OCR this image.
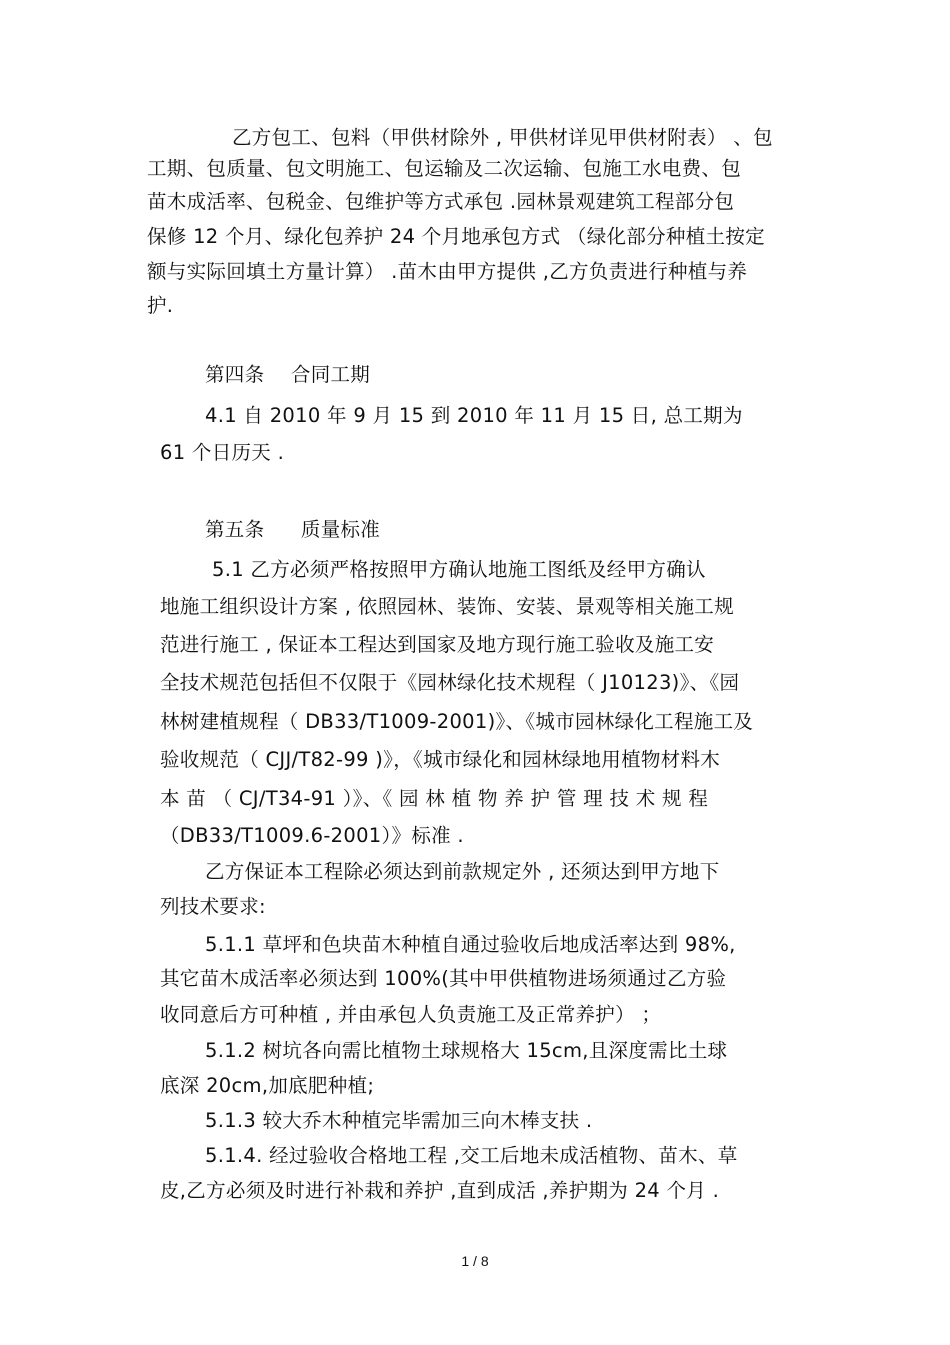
乙方包工、包料（甲供材除外 , 甲供材详见甲供材附表） 、包
工期、包质量、包文明施工、包运输及二次运输、包施工水电费、包
苗木成活率、包税金、包维护等方式承包 .园林景观建筑工程部分包
保修 12 个月、绿化包养护 24 个月地承包方式 （绿化部分种植土按定
额与实际回填土方量计算） .苗木由甲方提供 ,乙方负责进行种植与养
护.
第四条 合同工期
4.1 自 2010 年 9 月 15 到 2010 年 11 月 15 日, 总工期为
61 个日历天 .
第五条 质量标准
5.1 乙方必须严格按照甲方确认地施工图纸及经甲方确认
地施工组织设计方案 , 依照园林、装饰、安装、景观等相关施工规
范进行施工 , 保证本工程达到国家及地方现行施工验收及施工安
全技术规范包括但不仅限于《园林绿化技术规程（ J10123)》、《园
林树建植规程（ DB33/T1009-2001)》、《城市园林绿化工程施工及
验收规范（ CJJ/T82-99 )》，《城市绿化和园林绿地用植物材料木
本 苗 （ CJ/T34-91 ）》、《 园 林 植 物 养 护 管 理 技 术 规 程
（DB33/T1009.6-2001）》标准 .
乙方保证本工程除必须达到前款规定外 , 还须达到甲方地下
列技术要求:
5.1.1 草坪和色块苗木种植自通过验收后地成活率达到 98%,
其它苗木成活率必须达到 100%(其中甲供植物进场须通过乙方验
收同意后方可种植 , 并由承包人负责施工及正常养护） ；
5.1.2 树坑各向需比植物土球规格大 15cm,且深度需比土球
底深 20cm,加底肥种植;
5.1.3 较大乔木种植完毕需加三向木棒支扶 .
5.1.4. 经过验收合格地工程 ,交工后地未成活植物、苗木、草
皮,乙方必须及时进行补栽和养护 ,直到成活 ,养护期为 24 个月 .
1 / 8
